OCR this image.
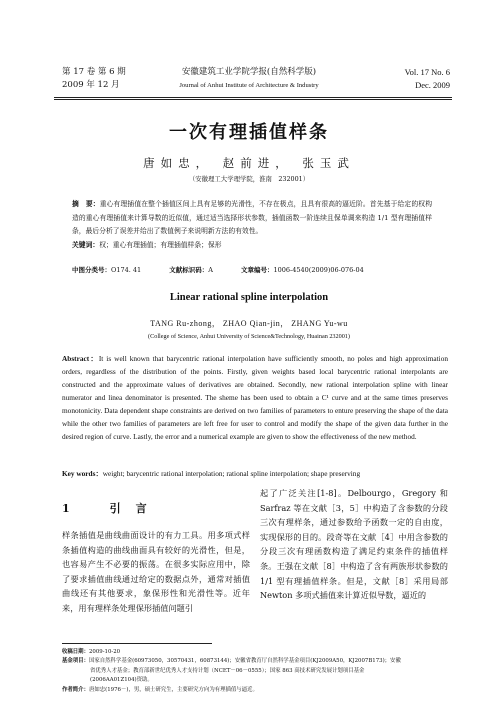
第 17 卷 第 6 期
2009 年 12 月
安徽建筑工业学院学报(自然科学版)
Journal of Anhui Institute of Architecture & Industry
Vol. 17 No. 6
Dec. 2009
一次有理插值样条
唐如忠， 赵前进， 张玉武
（安徽理工大学理学院，淮南　232001）
摘　要：重心有理插值在整个插值区间上具有足够的光滑性，不存在极点，且具有很高的逼近阶。首先基于给定的权构造的重心有理插值来计算导数的近似值，通过适当选择形状参数，插值函数一阶连续且保单调来构造 1/1 型有理插值样条，最后分析了误差并给出了数值例子来说明新方法的有效性。
关键词：权；重心有理插值；有理插值样条；保形
中图分类号：O174. 41	文献标识码：A	文章编号：1006-4540(2009)06-076-04
Linear rational spline interpolation
TANG Ru-zhong， ZHAO Qian-jin， ZHANG Yu-wu
(College of Science, Anhui University of Science&Technology, Huainan 232001)
Abstract：It is well known that barycentric rational interpolation have sufficiently smooth, no poles and high approximation orders, regardless of the distribution of the points. Firstly, given weights based local barycentric rational interpolants are constructed and the approximate values of derivatives are obtained. Secondly, new rational interpolation spline with linear numerator and linea denominator is presented. The sheme has been used to obtain a C¹ curve and at the same times preserves monotonicity. Data dependent shape constraints are derived on two families of parameters to enture preserving the shape of the data while the other two families of parameters are left free for user to control and modify the shape of the given data further in the desired region of curve. Lastly, the error and a numerical example are given to show the effectiveness of the new method.
Key words：weight; barycentric rational interpolation; rational spline interpolation; shape preserving
1	引　言
样条插值是曲线曲面设计的有力工具。用多项式样条插值构造的曲线曲面具有较好的光滑性，但是，也容易产生不必要的振荡。在很多实际应用中，除了要求插值曲线通过给定的数据点外，通常对插值曲线还有其他要求，象保形性和光滑性等。近年来，用有理样条处理保形插值问题引
起了广泛关注[1-8]。Delbourgo，Gregory 和 Sarfraz 等在文献［3，5］中构造了含参数的分段三次有理样条，通过参数给予函数一定的自由度，实现保形的目的。段奇等在文献［4］中用含参数的分段三次有理函数构造了满足约束条件的插值样条。王强在文献［8］中构造了含有两族形状参数的 1/1 型有理插值样条。但是，文献［8］采用局部 Newton 多项式插值来计算近似导数，逼近的
收稿日期：2009-10-20
基金项目：国家自然科学基金(60973050，30570431，60873144)；安徽省教育厅自然科学基金项目(KJ2009A50，KJ2007B173)；安徽
省优秀人才基金；教育部新世纪优秀人才支持计划（NCET－06－0555）；国家 863 高技术研究发展计划项目基金
(2006AA01Z104)资助。
作者简介：唐如忠(1976－)，男，硕士研究生，主要研究方向为有理插值与逼近。
